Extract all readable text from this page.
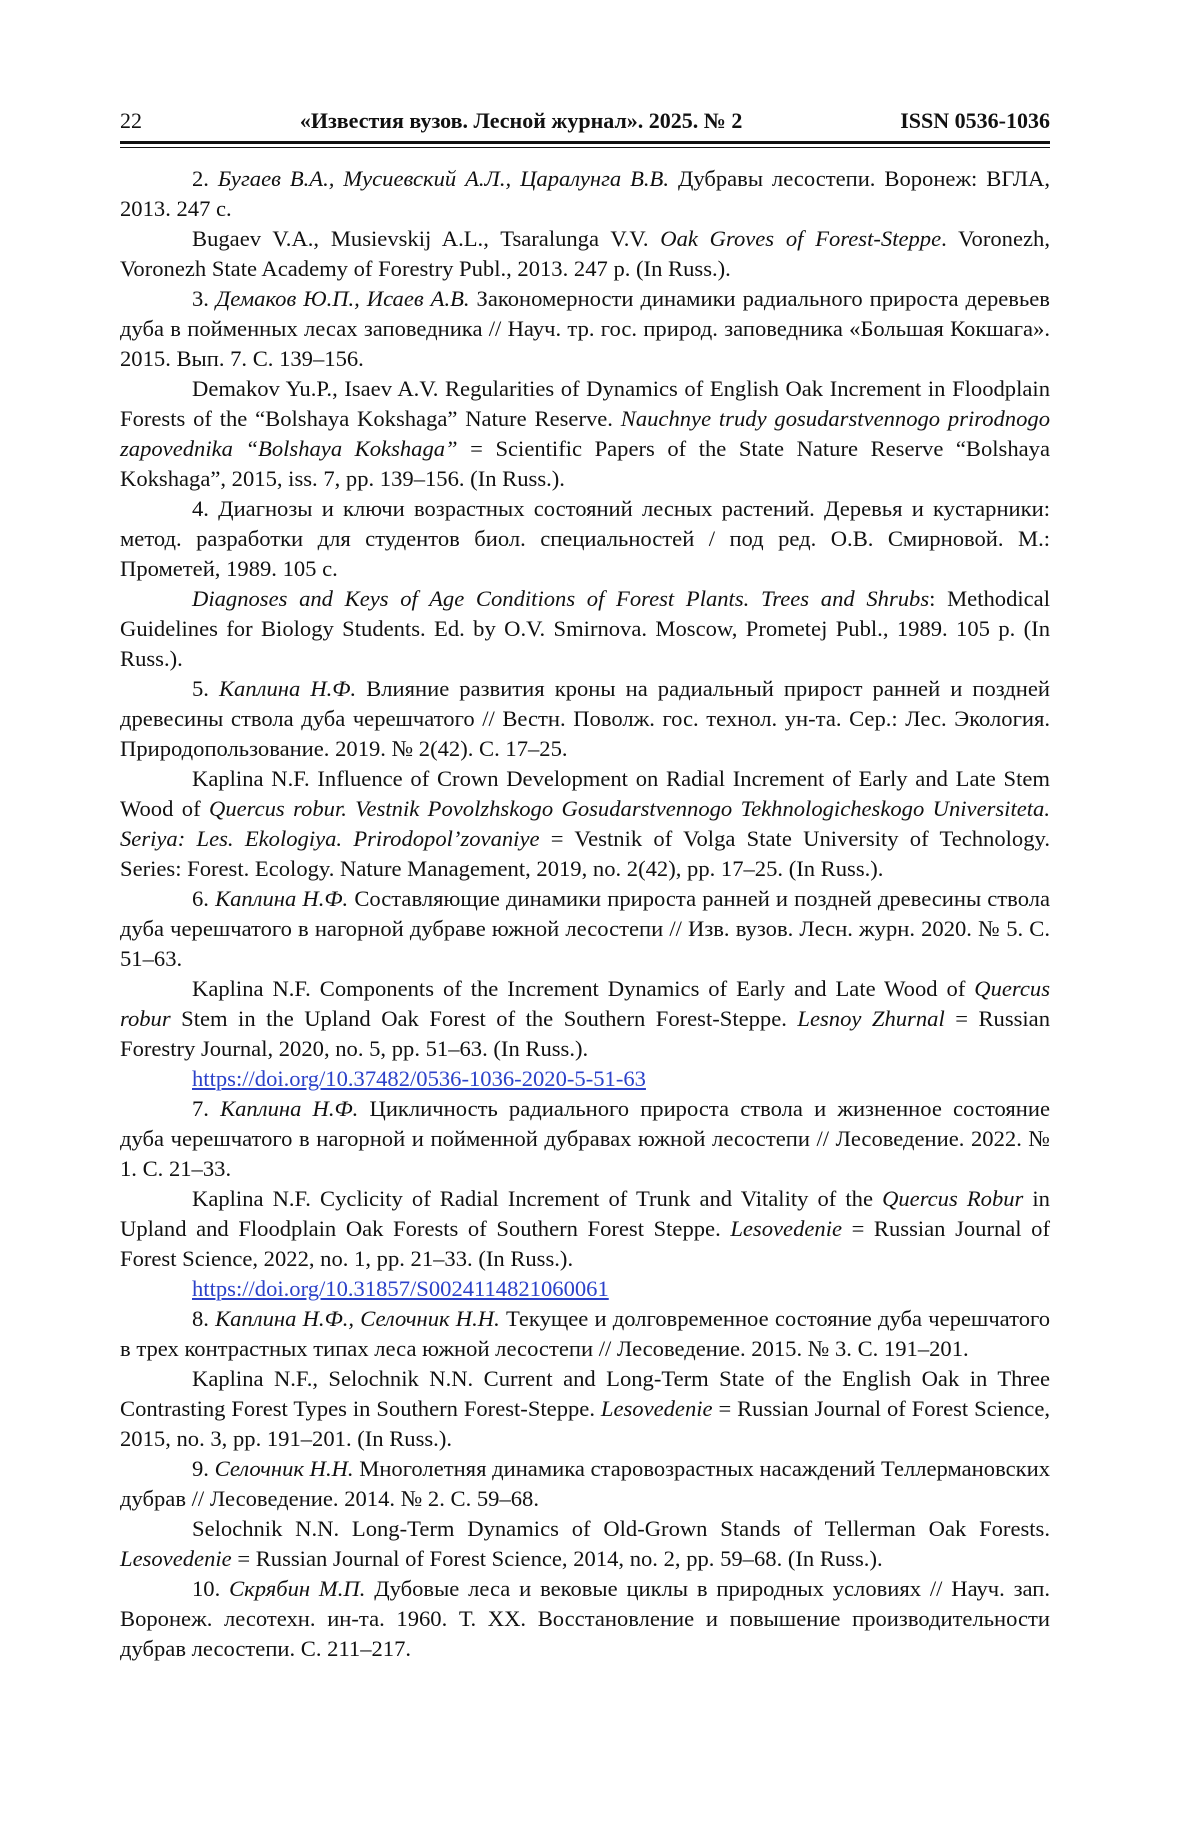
22	«Известия вузов. Лесной журнал». 2025. № 2	ISSN 0536-1036

2. Бугаев В.А., Мусиевский А.Л., Царалунга В.В. Дубравы лесостепи. Воронеж: ВГЛА, 2013. 247 с.

Bugaev V.A., Musievskij A.L., Tsaralunga V.V. Oak Groves of Forest-Steppe. Voronezh, Voronezh State Academy of Forestry Publ., 2013. 247 p. (In Russ.).

3. Демаков Ю.П., Исаев А.В. Закономерности динамики радиального прироста деревьев дуба в пойменных лесах заповедника // Науч. тр. гос. природ. заповедника «Большая Кокшага». 2015. Вып. 7. С. 139–156.

Demakov Yu.P., Isaev A.V. Regularities of Dynamics of English Oak Increment in Floodplain Forests of the “Bolshaya Kokshaga” Nature Reserve. Nauchnye trudy gosudarstvennogo prirodnogo zapovednika “Bolshaya Kokshaga” = Scientific Papers of the State Nature Reserve “Bolshaya Kokshaga”, 2015, iss. 7, pp. 139–156. (In Russ.).

4. Диагнозы и ключи возрастных состояний лесных растений. Деревья и кустарники: метод. разработки для студентов биол. специальностей / под ред. О.В. Смирновой. М.: Прометей, 1989. 105 с.

Diagnoses and Keys of Age Conditions of Forest Plants. Trees and Shrubs: Methodical Guidelines for Biology Students. Ed. by O.V. Smirnova. Moscow, Prometej Publ., 1989. 105 p. (In Russ.).

5. Каплина Н.Ф. Влияние развития кроны на радиальный прирост ранней и поздней древесины ствола дуба черешчатого // Вестн. Поволж. гос. технол. ун-та. Сер.: Лес. Экология. Природопользование. 2019. № 2(42). С. 17–25.

Kaplina N.F. Influence of Crown Development on Radial Increment of Early and Late Stem Wood of Quercus robur. Vestnik Povolzhskogo Gosudarstvennogo Tekhnologicheskogo Universiteta. Seriya: Les. Ekologiya. Prirodopol’zovaniye = Vestnik of Volga State University of Technology. Series: Forest. Ecology. Nature Management, 2019, no. 2(42), pp. 17–25. (In Russ.).

6. Каплина Н.Ф. Составляющие динамики прироста ранней и поздней древесины ствола дуба черешчатого в нагорной дубраве южной лесостепи // Изв. вузов. Лесн. журн. 2020. № 5. С. 51–63.

Kaplina N.F. Components of the Increment Dynamics of Early and Late Wood of Quercus robur Stem in the Upland Oak Forest of the Southern Forest-Steppe. Lesnoy Zhurnal = Russian Forestry Journal, 2020, no. 5, pp. 51–63. (In Russ.).
https://doi.org/10.37482/0536-1036-2020-5-51-63

7. Каплина Н.Ф. Цикличность радиального прироста ствола и жизненное состояние дуба черешчатого в нагорной и пойменной дубравах южной лесостепи // Лесоведение. 2022. № 1. С. 21–33.

Kaplina N.F. Cyclicity of Radial Increment of Trunk and Vitality of the Quercus Robur in Upland and Floodplain Oak Forests of Southern Forest Steppe. Lesovedenie = Russian Journal of Forest Science, 2022, no. 1, pp. 21–33. (In Russ.).
https://doi.org/10.31857/S0024114821060061

8. Каплина Н.Ф., Селочник Н.Н. Текущее и долговременное состояние дуба черешчатого в трех контрастных типах леса южной лесостепи // Лесоведение. 2015. № 3. С. 191–201.

Kaplina N.F., Selochnik N.N. Current and Long-Term State of the English Oak in Three Contrasting Forest Types in Southern Forest-Steppe. Lesovedenie = Russian Journal of Forest Science, 2015, no. 3, pp. 191–201. (In Russ.).

9. Селочник Н.Н. Многолетняя динамика старовозрастных насаждений Теллермановских дубрав // Лесоведение. 2014. № 2. С. 59–68.

Selochnik N.N. Long-Term Dynamics of Old-Grown Stands of Tellerman Oak Forests. Lesovedenie = Russian Journal of Forest Science, 2014, no. 2, pp. 59–68. (In Russ.).

10. Скрябин М.П. Дубовые леса и вековые циклы в природных условиях // Науч. зап. Воронеж. лесотехн. ин-та. 1960. Т. XX. Восстановление и повышение производительности дубрав лесостепи. С. 211–217.
